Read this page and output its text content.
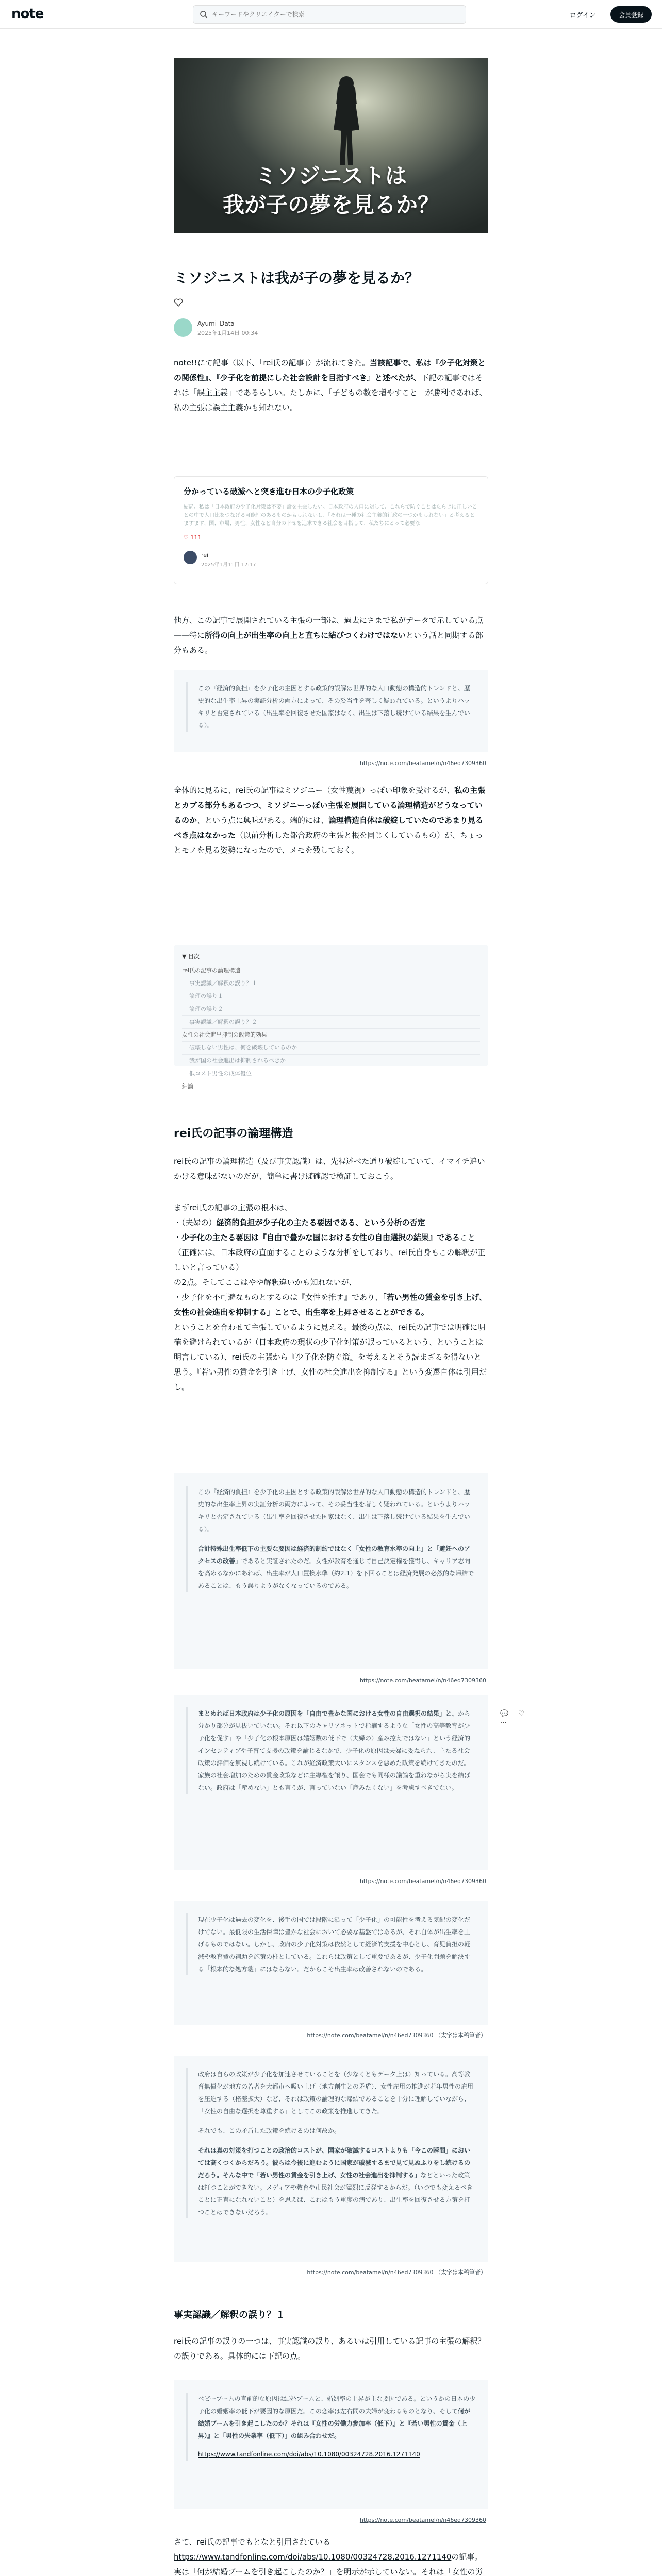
note
キーワードやクリエイターで検索	ログイン	会員登録
ミソジニストは
我が子の夢を見るか？
ミソジニストは我が子の夢を見るか？
Ayumi_Data
2025年1月14日 00:34
note!!にて記事（以下、「rei氏の記事」）が流れてきた。当該記事で、私は『少子化対策との関係性』、『少子化を前提にした社会設計を目指すべき』と述べたが、下記の記事ではそれは「誤主主義」であるらしい。たしかに、「子どもの数を増やすこと」が勝利であれば、私の主張は誤主主義かも知れない。
分かっている破滅へと突き進む日本の少子化政策
結局、私は「日本政府の少子化対策は不要」論を主張したい。日本政府の人口に対して、これらで防ぐことはたらきに正しいことの中で人口比をつなげる可能性のあるものかもしれないし、「それは一種の社会主義的行政の一つかもしれない」と考えるとますます、国、市場、男性、女性など自分の幸せを追求できる社会を目指して、私たちにとって必要な
♡ 111
rei
2025年1月11日 17:17
他方、この記事で展開されている主張の一部は、過去にさまで私がデータで示している点——特に所得の向上が出生率の向上と直ちに結びつくわけではないという話と同期する部分もある。
この『経済的負担』を少子化の主因とする政策的誤解は世界的な人口動態の構造的トレンドと、歴史的な出生率上昇の実証分析の両方によって、その妥当性を著しく疑われている。というよりハッキリと否定されている（出生率を回復させた国家はなく、出生は下落し続けている結果を生んでいる）。
https://note.com/beatamel/n/n46ed7309360
全体的に見るに、rei氏の記事はミソジニー（女性蔑視）っぽい印象を受けるが、私の主張とカブる部分もあるつつ、ミソジニーっぽい主張を展開している論理構造がどうなっているのか、という点に興味がある。端的には、論理構造自体は破綻していたのであまり見るべき点はなかった（以前分析した都合政府の主張と根を同じくしているもの）が、ちょっとモノを見る姿勢になったので、メモを残しておく。
▼ 目次
rei氏の記事の論理構造
事実認識／解釈の誤り？１
論理の誤り１
論理の誤り２
事実認識／解釈の誤り？２
女性の社会進出抑制の政策的効果
破壊しない男性は、何を破壊しているのか
我が国の社会進出は抑制されるべきか
低コスト男性の成体優位
結論
rei氏の記事の論理構造
rei氏の記事の論理構造（及び事実認識）は、先程述べた通り破綻していて、イマイチ追いかける意味がないのだが、簡単に書けば確認で検証しておこう。
まずrei氏の記事の主張の根本は、
・（夫婦の）経済的負担が少子化の主たる要因である、という分析の否定
・少子化の主たる要因は『自由で豊かな国における女性の自由選択の結果』であること（正確には、日本政府の直面することのような分析をしており、rei氏自身もこの解釈が正しいと言っている）
の2点。そしてここはやや解釈違いかも知れないが、
・少子化を不可避なものとするのは『女性を推す』であり、「若い男性の賃金を引き上げ、女性の社会進出を抑制する」ことで、出生率を上昇させることができる。
ということを合わせて主張しているように見える。最後の点は、rei氏の記事では明確に明確を避けられているが（日本政府の現状の少子化対策が誤っているという、ということは明言している）、rei氏の主張から『少子化を防ぐ策』を考えるとそう読まざるを得ないと思う。『若い男性の賃金を引き上げ、女性の社会進出を抑制する』という変遷自体は引用だし。
この『経済的負担』を少子化の主因とする政策的誤解は世界的な人口動態の構造的トレンドと、歴史的な出生率上昇の実証分析の両方によって、その妥当性を著しく疑われている。というよりハッキリと否定されている（出生率を回復させた国家はなく、出生は下落し続けている結果を生んでいる）。
合計特殊出生率低下の主要な要因は経済的制約ではなく「女性の教育水準の向上」と「避妊へのアクセスの改善」であると実証されたのだ。女性が教育を通じて自己決定権を獲得し、キャリア志向を高めるなかにあれば、出生率が人口置換水準（約2.1）を下回ることは経済発展の必然的な帰結であることは、もう誤りようがなくなっているのである。
https://note.com/beatamel/n/n46ed7309360
まとめれば日本政府は少子化の原因を「自由で豊かな国における女性の自由選択の結果」と、から分かり部分が見抜いていない。それ以下のキャリアネットで指摘するような「女性の高等教育が少子化を促す」や「少子化の根本原因は婚姻数の低下で（夫婦の）産み控えではない」という経済的インセンティブや子育て支援の政策を論じるなかで、少子化の原因は夫婦に委ねられ、主たる社会政策の評価を無視し続けている。これが経済政策大いにスタンスを悪めた政策を続けてきたのだ。家族の社会増加のための賃金政策などに主導権を譲り、国会でも同様の議論を重ねながら実を結ばない。政府は「産めない」とも言うが、言っていない「産みたくない」を考慮すべきでない。
https://note.com/beatamel/n/n46ed7309360
💬 ♡ ⋯
現在少子化は過去の変化を、後手の国では段階に沿って「少子化」の可能性を考える気配の変化だけでない。最低限の生活保障は豊かな社会において必要な基盤ではあるが、それ自体が出生率を上げるものではない。しかし、政府の少子化対策は依然として経済的支援を中心とし、育児負担の軽減や教育費の補助を施策の柱としている。これらは政策として重要であるが、少子化問題を解決する「根本的な処方箋」にはならない。だからこそ出生率は改善されないのである。
https://note.com/beatamel/n/n46ed7309360 （太字は本稿筆者）
政府は自らの政策が少子化を加速させていることを（少なくともデータ上は）知っている。高等教育無償化が地方の若者を大都市へ吸い上げ（地方創生との矛盾）、女性雇用の推進が若年男性の雇用を圧迫する（格差拡大）など、それは政策の論理的な帰結であることを十分に理解していながら、「女性の自由な選択を尊重する」としてこの政策を推進してきた。
それでも、この矛盾した政策を続けるのは何故か。
それは真の対策を打つことの政治的コストが、国家が破滅するコストよりも「今この瞬間」においては高くつくからだろう。彼らは今後に進むように国家が破滅するまで見て見ぬふりをし続けるのだろう。そんな中で「若い男性の賃金を引き上げ、女性の社会進出を抑制する」などといった政策は打つことができない。メディアや教育や市民社会が猛烈に反発するからだ。（いつでも変えるべきことに正直になれないこと）を思えば、これはもう重度の病であり、出生率を回復させる方策を打つことはできないだろう。
https://note.com/beatamel/n/n46ed7309360 （太字は本稿筆者）
事実認識／解釈の誤り？１
rei氏の記事の誤りの一つは、事実認識の誤り、あるいは引用している記事の主張の解釈？の誤りである。具体的には下記の点。
ベビーブームの直前的な原因は結婚ブームと、婚姻率の上昇が主な要因である。というかの日本の少子化の婚姻率の低下が要因的な原因だ。この恋率は左右間の夫婦が変わるものとなり、そして何が結婚ブームを引き起こしたのか？それは『女性の労働力参加率（低下）』と『若い男性の賃金（上昇）』と「男性の失業率（低下）」の組み合わせだ。
https://www.tandfonline.com/doi/abs/10.1080/00324728.2016.1271140
https://note.com/beatamel/n/n46ed7309360
さて、rei氏の記事でもとなと引用されている
https://www.tandfonline.com/doi/abs/10.1080/00324728.2016.1271140の記事。実は「何が結婚ブームを引き起こしたのか？」を明示が示していない。それは「女性の労
